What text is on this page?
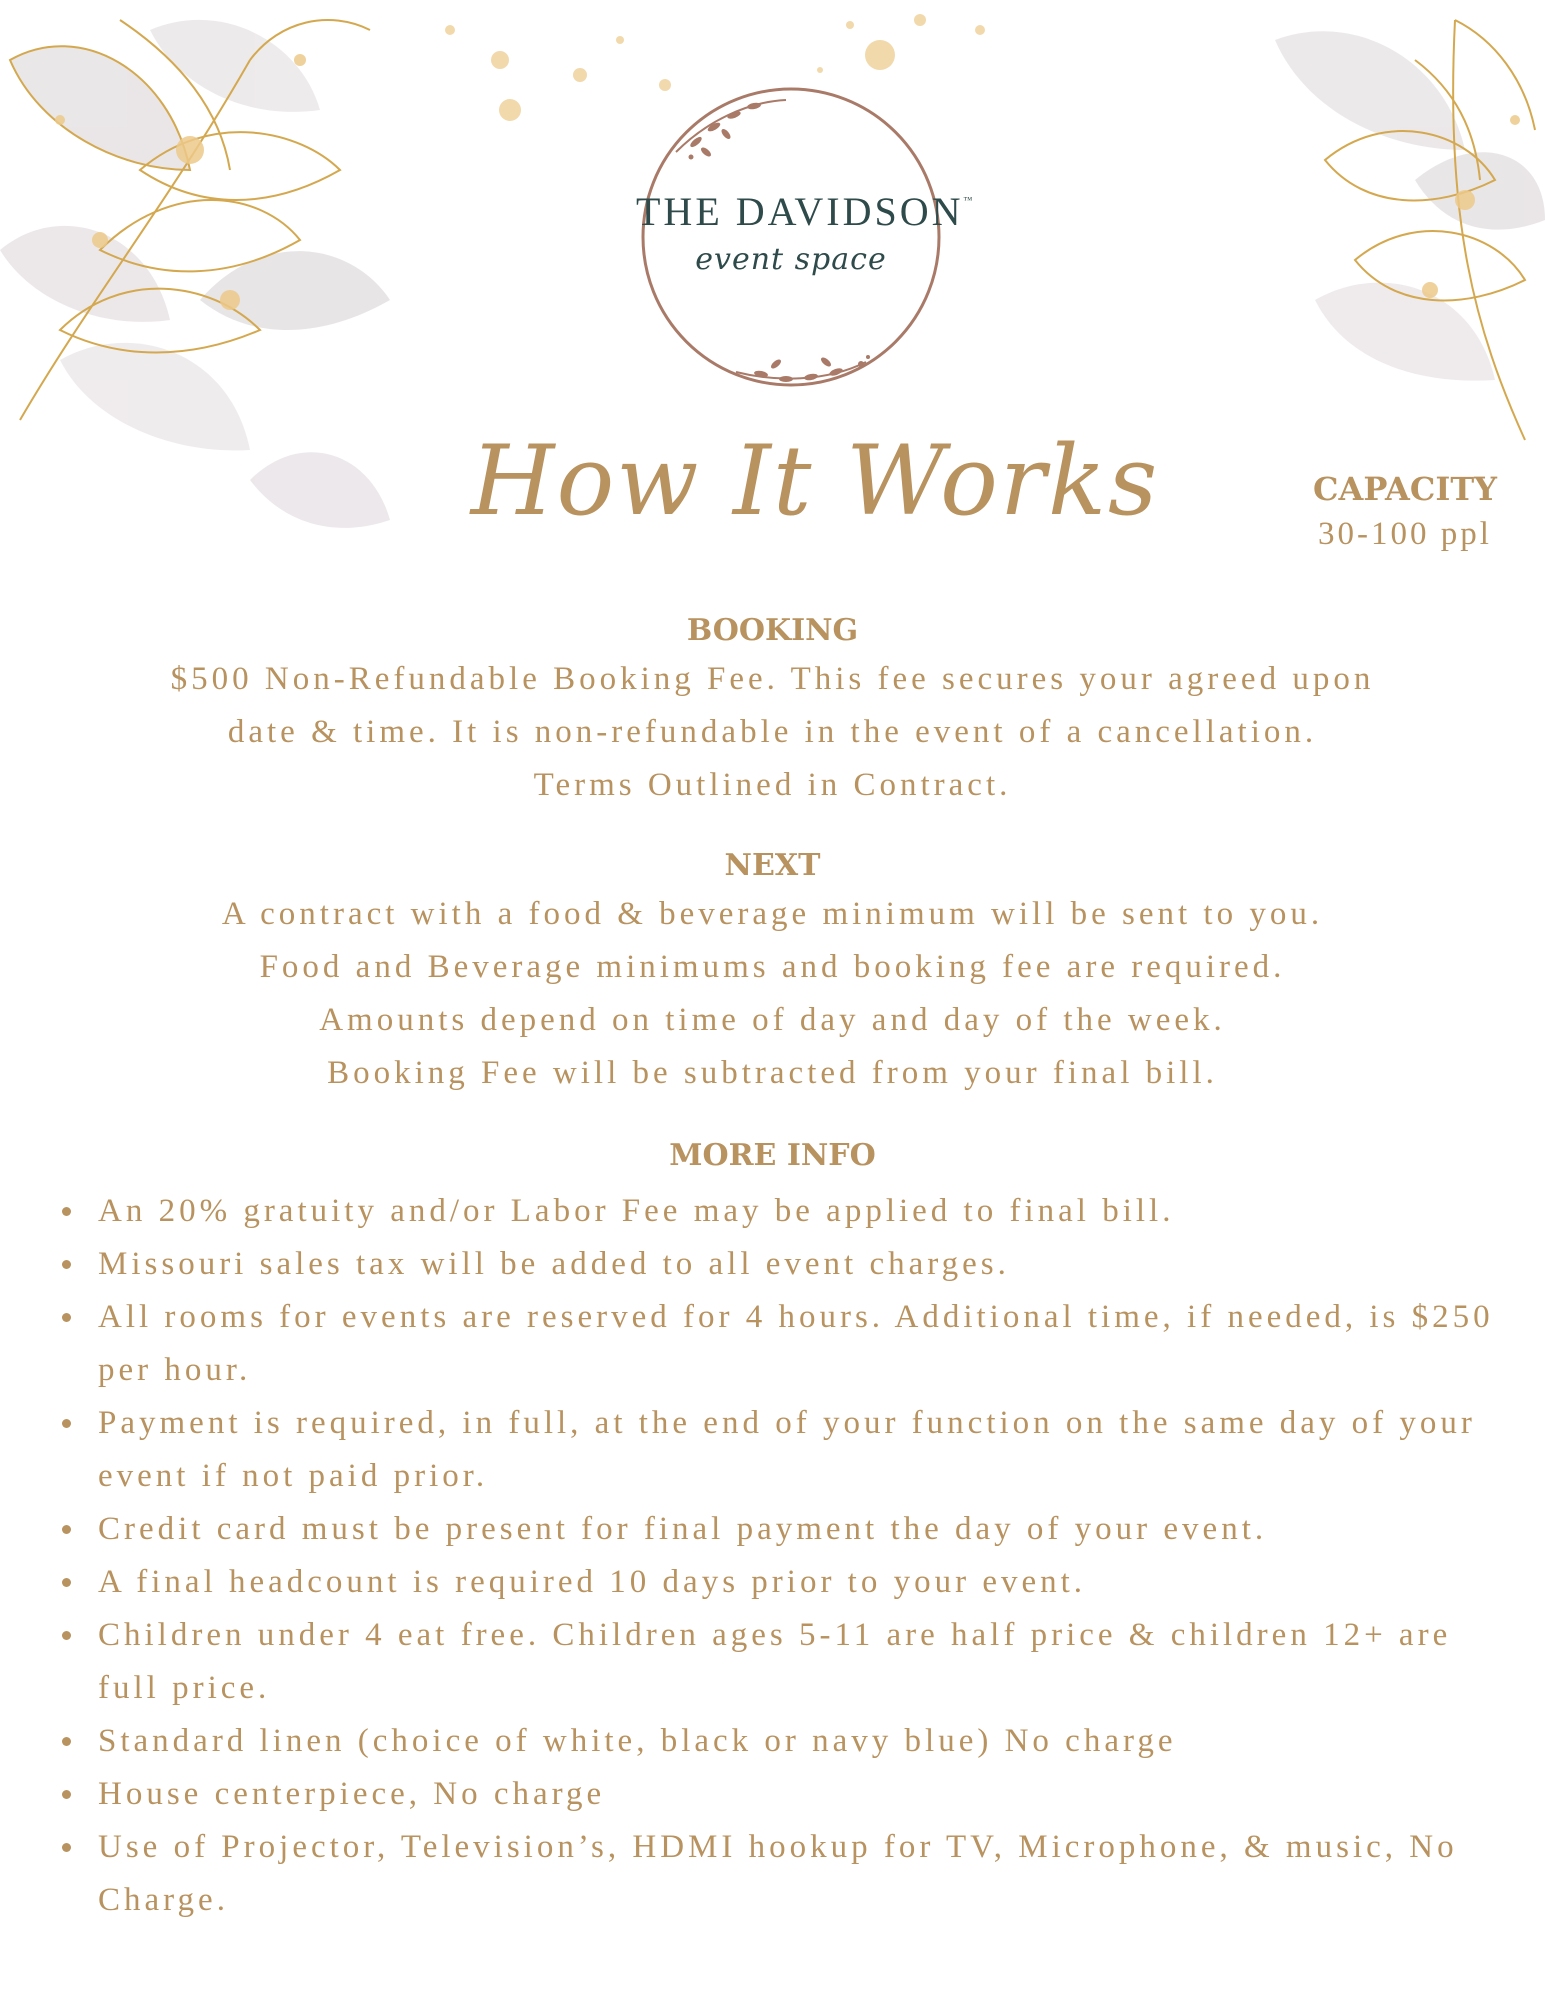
THE DAVIDSON™
event space
How It Works	CAPACITY
30-100 ppl
BOOKING

$500 Non-Refundable Booking Fee. This fee secures your agreed upon

date & time. It is non-refundable in the event of a cancellation.

Terms Outlined in Contract.

NEXT

A contract with a food & beverage minimum will be sent to you.

Food and Beverage minimums and booking fee are required.

Amounts depend on time of day and day of the week.

Booking Fee will be subtracted from your final bill.

MORE INFO
An 20% gratuity and/or Labor Fee may be applied to final bill.
Missouri sales tax will be added to all event charges.
All rooms for events are reserved for 4 hours. Additional time, if needed, is $250 per hour.
Payment is required, in full, at the end of your function on the same day of your event if not paid prior.
Credit card must be present for final payment the day of your event.
A final headcount is required 10 days prior to your event.
Children under 4 eat free. Children ages 5-11 are half price & children 12+ are full price.
Standard linen (choice of white, black or navy blue) No charge
House centerpiece, No charge
Use of Projector, Television’s, HDMI hookup for TV, Microphone, & music, No Charge.
